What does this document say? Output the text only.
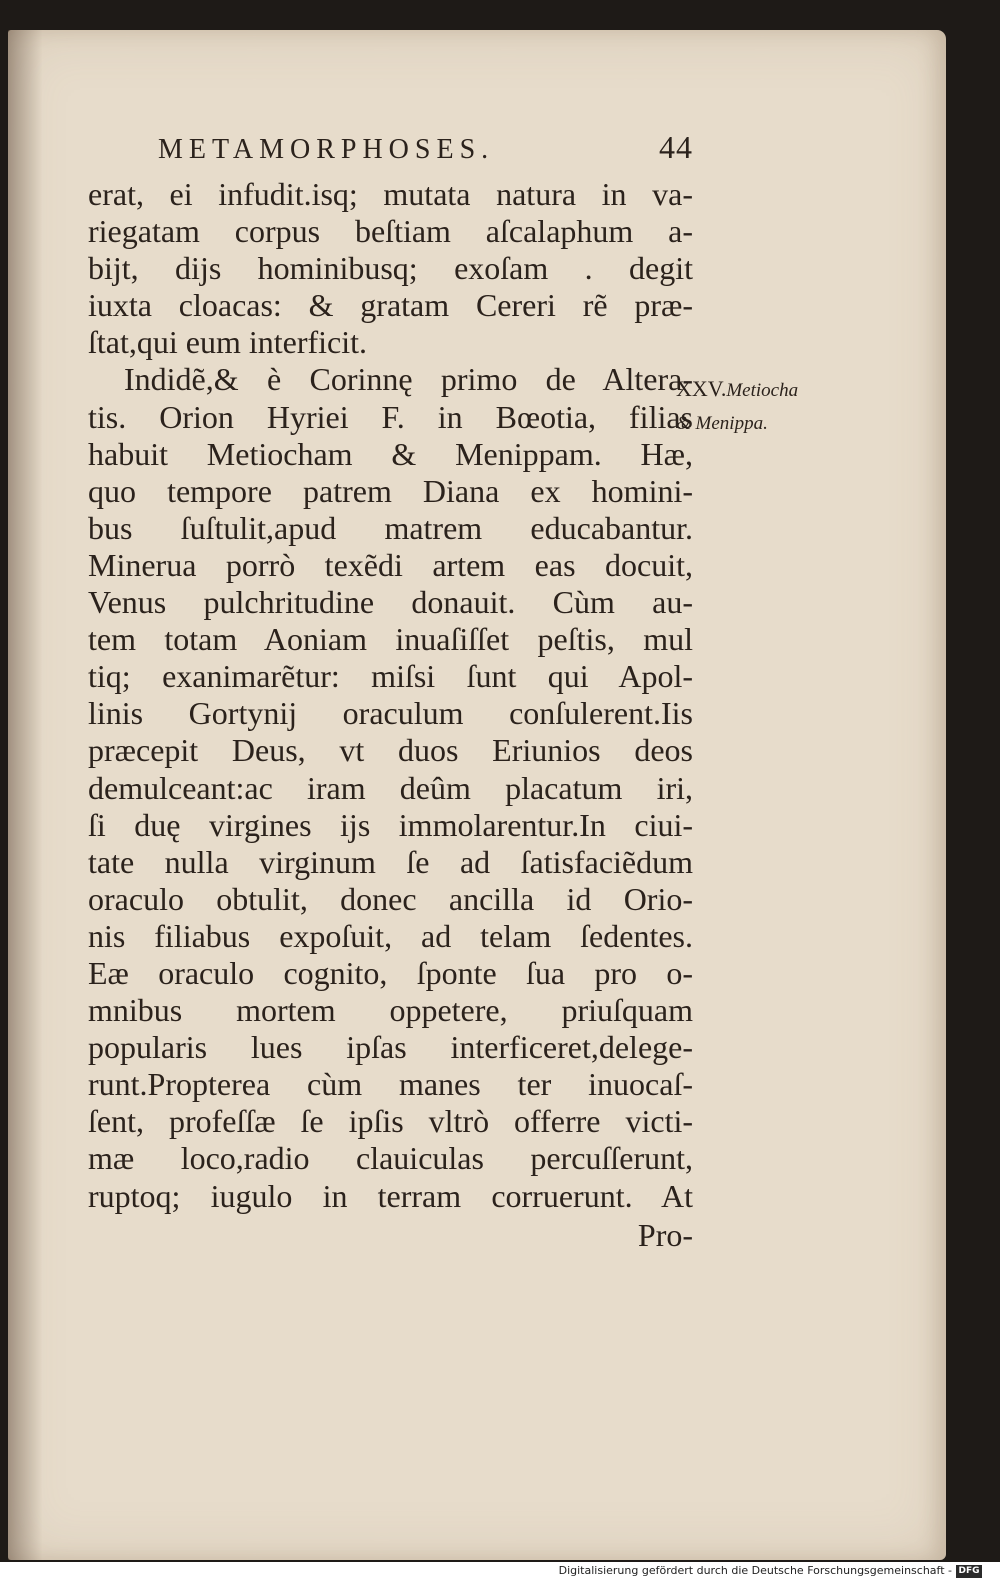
METAMORPHOSES.	44
erat, ei infudit.isq; mutata natura in va-
riegatam corpus beſtiam aſcalaphum a-
bijt, dijs hominibusq; exoſam . degit
iuxta cloacas: & gratam Cereri rẽ præ-
ſtat,qui eum interficit.
Indidẽ,& è Corinnę primo de Altera-
tis. Orion Hyriei F. in Bœotia, filias
habuit Metiocham & Menippam. Hæ,
quo tempore patrem Diana ex homini-
bus ſuſtulit,apud matrem educabantur.
Minerua porrò texẽdi artem eas docuit,
Venus pulchritudine donauit. Cùm au-
tem totam Aoniam inuaſiſſet peſtis, mul
tiq; exanimarẽtur: miſsi ſunt qui Apol-
linis Gortynij oraculum conſulerent.Iis
præcepit Deus, vt duos Eriunios deos
demulceant:ac iram deûm placatum iri,
ſi duę virgines ijs immolarentur.In ciui-
tate nulla virginum ſe ad ſatisfaciẽdum
oraculo obtulit, donec ancilla id Orio-
nis filiabus expoſuit, ad telam ſedentes.
Eæ oraculo cognito, ſponte ſua pro o-
mnibus mortem oppetere, priuſquam
popularis lues ipſas interficeret,delege-
runt.Propterea cùm manes ter inuocaſ-
ſent, profeſſæ ſe ipſis vltrò offerre victi-
mæ loco,radio clauiculas percuſſerunt,
ruptoq; iugulo in terram corruerunt. At
Pro-
XXV.Metiocha
& Menippa.
Digitalisierung gefördert durch die Deutsche Forschungsgemeinschaft - DFG
